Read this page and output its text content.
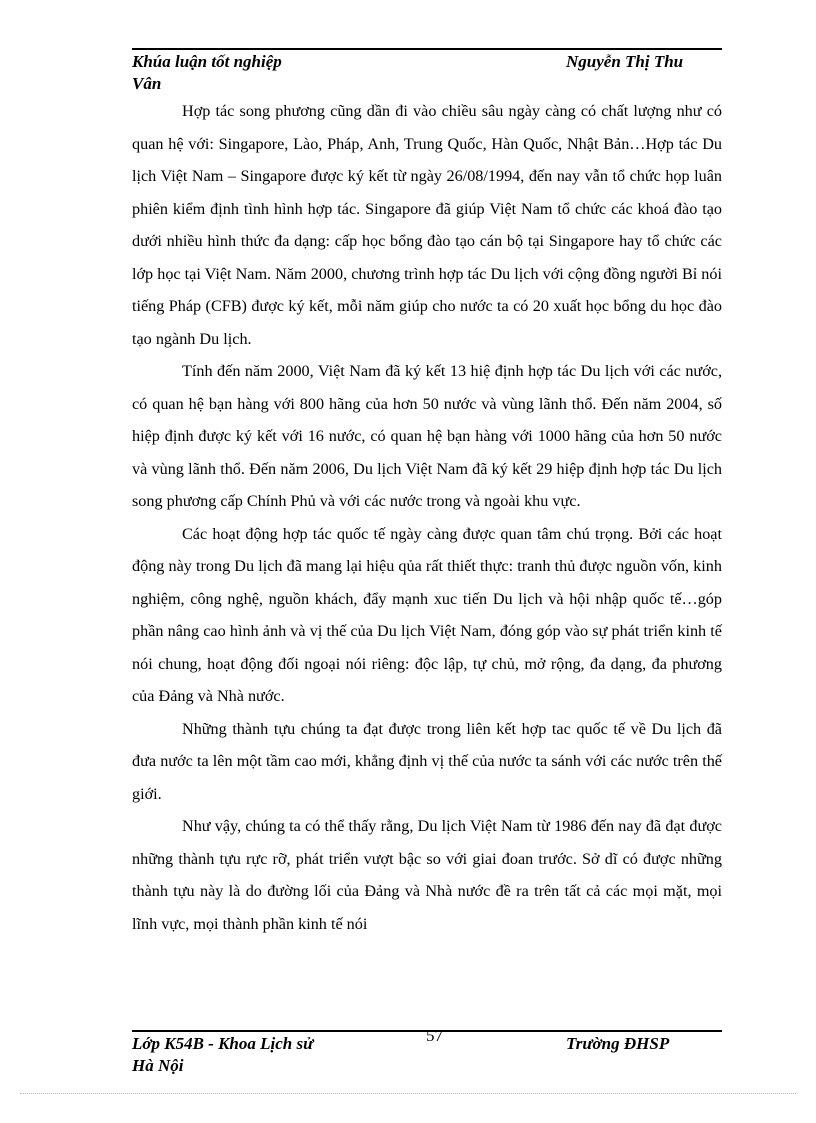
Khúa luận tốt nghiệp	Nguyễn Thị Thu
Vân

Hợp tác song phương cũng dần đi vào chiều sâu ngày càng có chất lượng như có quan hệ với: Singapore, Lào, Pháp, Anh, Trung Quốc, Hàn Quốc, Nhật Bản…Hợp tác Du lịch Việt Nam – Singapore được ký kết từ ngày 26/08/1994, đến nay vẫn tổ chức họp luân phiên kiểm định tình hình hợp tác. Singapore đã giúp Việt Nam tổ chức các khoá đào tạo dưới nhiều hình thức đa dạng: cấp học bổng đào tạo cán bộ tại Singapore hay tổ chức các lớp học tại Việt Nam. Năm 2000, chương trình hợp tác Du lịch với cộng đồng người Bỉ nói tiếng Pháp (CFB) được ký kết, mỗi năm giúp cho nước ta có 20 xuất học bổng du học đào tạo ngành Du lịch.

Tính đến năm 2000, Việt Nam đã ký kết 13 hiệ định hợp tác Du lịch với các nước, có quan hệ bạn hàng với 800 hãng của hơn 50 nước và vùng lãnh thổ. Đến năm 2004, số hiệp định được ký kết với 16 nước, có quan hệ bạn hàng với 1000 hãng của hơn 50 nước và vùng lãnh thổ. Đến năm 2006, Du lịch Việt Nam đã ký kết 29 hiệp định hợp tác Du lịch song phương cấp Chính Phủ và với các nước trong và ngoài khu vực.

Các hoạt động hợp tác quốc tế ngày càng được quan tâm chú trọng. Bởi các hoạt động này trong Du lịch đã mang lại hiệu qủa rất thiết thực: tranh thủ được nguồn vốn, kinh nghiệm, công nghệ, nguồn khách, đẩy mạnh xuc tiến Du lịch và hội nhập quốc tế…góp phần nâng cao hình ảnh và vị thế của Du lịch Việt Nam, đóng góp vào sự phát triển kinh tế nói chung, hoạt động đối ngoại nói riêng: độc lập, tự chủ, mở rộng, đa dạng, đa phương của Đảng và Nhà nước.

Những thành tựu chúng ta đạt được trong liên kết hợp tac quốc tế về Du lịch đã đưa nước ta lên một tầm cao mới, khẳng định vị thế của nước ta sánh với các nước trên thế giới.

Như vậy, chúng ta có thể thấy rằng, Du lịch Việt Nam từ 1986 đến nay đã đạt được những thành tựu rực rỡ, phát triển vượt bậc so với giai đoan trước. Sở dĩ có được những thành tựu này là do đường lối của Đảng và Nhà nước đề ra trên tất cả các mọi mặt, mọi lĩnh vực, mọi thành phần kinh tế nói

Lớp K54B - Khoa Lịch sử	57	Trường ĐHSP
Hà Nội
